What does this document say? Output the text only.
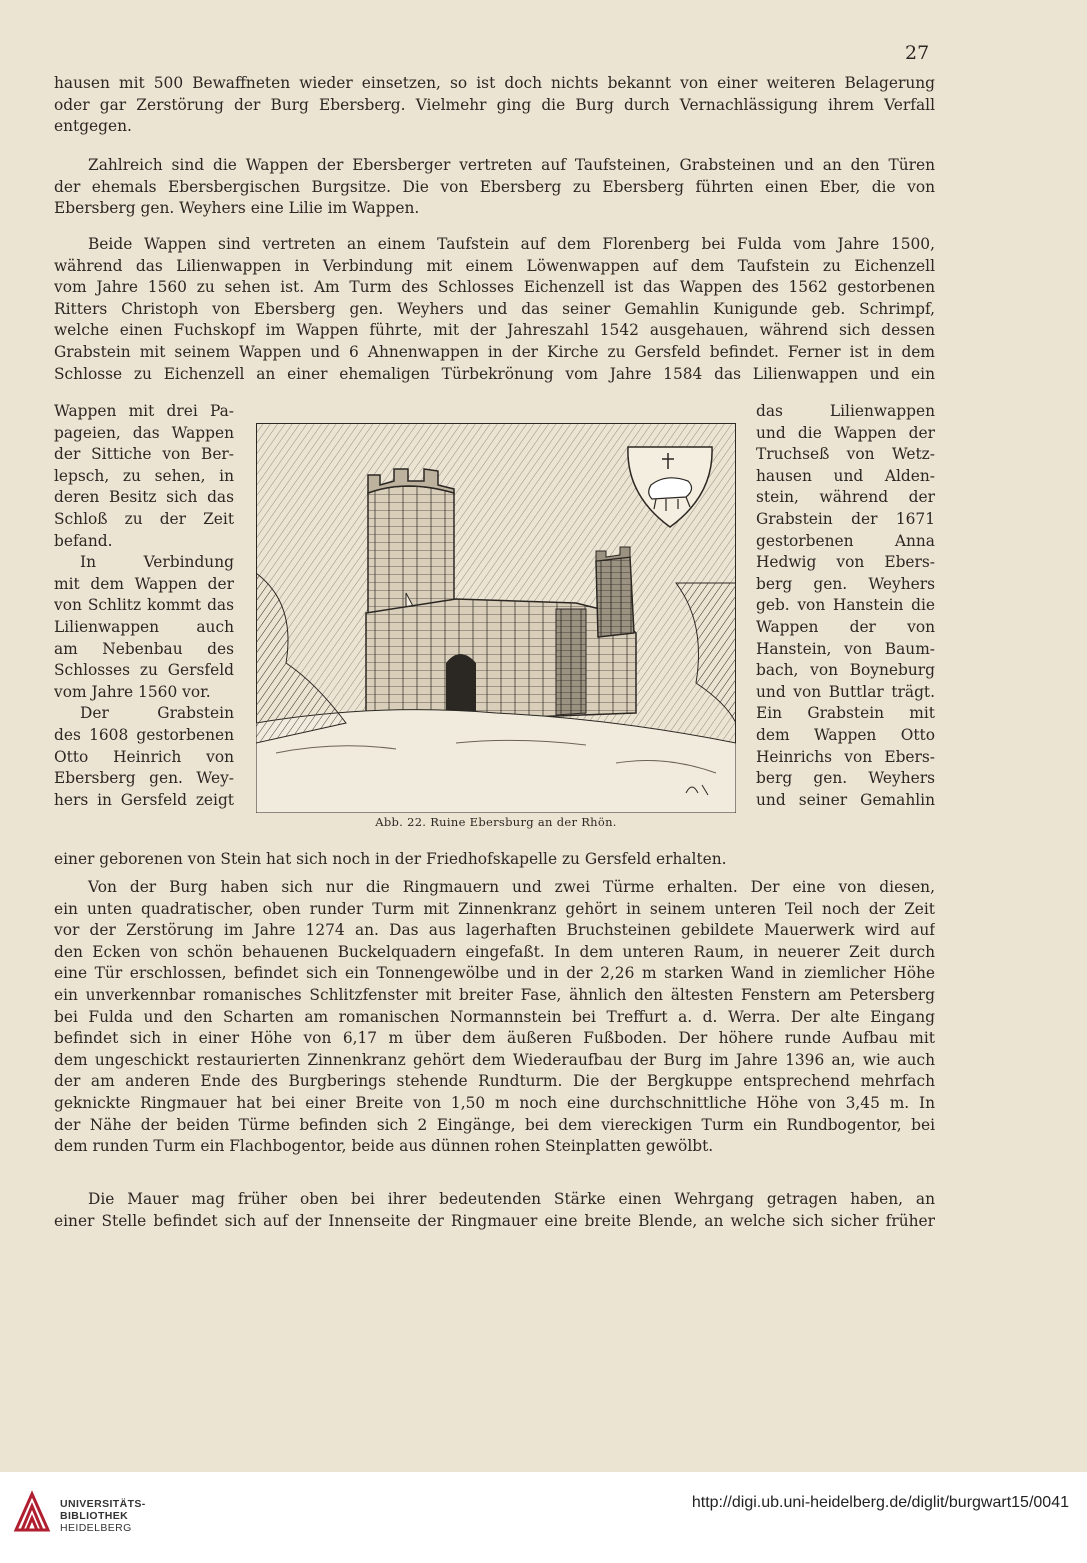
27
hausen mit 500 Bewaffneten wieder einsetzen, so ist doch nichts bekannt von einer weiteren Belagerung
oder gar Zerstörung der Burg Ebersberg. Vielmehr ging die Burg durch Vernachlässigung ihrem Verfall
entgegen.
Zahlreich sind die Wappen der Ebersberger vertreten auf Taufsteinen, Grabsteinen und an den Türen
der ehemals Ebersbergischen Burgsitze. Die von Ebersberg zu Ebersberg führten einen Eber, die von
Ebersberg gen. Weyhers eine Lilie im Wappen.
Beide Wappen sind vertreten an einem Taufstein auf dem Florenberg bei Fulda vom Jahre 1500,
während das Lilienwappen in Verbindung mit einem Löwenwappen auf dem Taufstein zu Eichenzell
vom Jahre 1560 zu sehen ist. Am Turm des Schlosses Eichenzell ist das Wappen des 1562 gestorbenen
Ritters Christoph von Ebersberg gen. Weyhers und das seiner Gemahlin Kunigunde geb. Schrimpf,
welche einen Fuchskopf im Wappen führte, mit der Jahreszahl 1542 ausgehauen, während sich dessen
Grabstein mit seinem Wappen und 6 Ahnenwappen in der Kirche zu Gersfeld befindet. Ferner ist in dem
Schlosse zu Eichenzell an einer ehemaligen Türbekrönung vom Jahre 1584 das Lilienwappen und ein
Wappen mit drei Pa-
pageien, das Wappen
der Sittiche von Ber-
lepsch, zu sehen, in
deren Besitz sich das
Schloß zu der Zeit
befand.
In Verbindung
mit dem Wappen der
von Schlitz kommt das
Lilienwappen auch
am Nebenbau des
Schlosses zu Gersfeld
vom Jahre 1560 vor.
Der Grabstein
des 1608 gestorbenen
Otto Heinrich von
Ebersberg gen. Wey-
hers in Gersfeld zeigt
das Lilienwappen
und die Wappen der
Truchseß von Wetz-
hausen und Alden-
stein, während der
Grabstein der 1671
gestorbenen Anna
Hedwig von Ebers-
berg gen. Weyhers
geb. von Hanstein die
Wappen der von
Hanstein, von Baum-
bach, von Boyneburg
und von Buttlar trägt.
Ein Grabstein mit
dem Wappen Otto
Heinrichs von Ebers-
berg gen. Weyhers
und seiner Gemahlin
Abb. 22. Ruine Ebersburg an der Rhön.
einer geborenen von Stein hat sich noch in der Friedhofskapelle zu Gersfeld erhalten.
Von der Burg haben sich nur die Ringmauern und zwei Türme erhalten. Der eine von diesen,
ein unten quadratischer, oben runder Turm mit Zinnenkranz gehört in seinem unteren Teil noch der Zeit
vor der Zerstörung im Jahre 1274 an. Das aus lagerhaften Bruchsteinen gebildete Mauerwerk wird auf
den Ecken von schön behauenen Buckelquadern eingefaßt. In dem unteren Raum, in neuerer Zeit durch
eine Tür erschlossen, befindet sich ein Tonnengewölbe und in der 2,26 m starken Wand in ziemlicher Höhe
ein unverkennbar romanisches Schlitzfenster mit breiter Fase, ähnlich den ältesten Fenstern am Petersberg
bei Fulda und den Scharten am romanischen Normannstein bei Treffurt a. d. Werra. Der alte Eingang
befindet sich in einer Höhe von 6,17 m über dem äußeren Fußboden. Der höhere runde Aufbau mit
dem ungeschickt restaurierten Zinnenkranz gehört dem Wiederaufbau der Burg im Jahre 1396 an, wie auch
der am anderen Ende des Burgberings stehende Rundturm. Die der Bergkuppe entsprechend mehrfach
geknickte Ringmauer hat bei einer Breite von 1,50 m noch eine durchschnittliche Höhe von 3,45 m. In
der Nähe der beiden Türme befinden sich 2 Eingänge, bei dem viereckigen Turm ein Rundbogentor, bei
dem runden Turm ein Flachbogentor, beide aus dünnen rohen Steinplatten gewölbt.
Die Mauer mag früher oben bei ihrer bedeutenden Stärke einen Wehrgang getragen haben, an
einer Stelle befindet sich auf der Innenseite der Ringmauer eine breite Blende, an welche sich sicher früher
UNIVERSITÄTS-
BIBLIOTHEK
HEIDELBERG
http://digi.ub.uni-heidelberg.de/diglit/burgwart15/0041
